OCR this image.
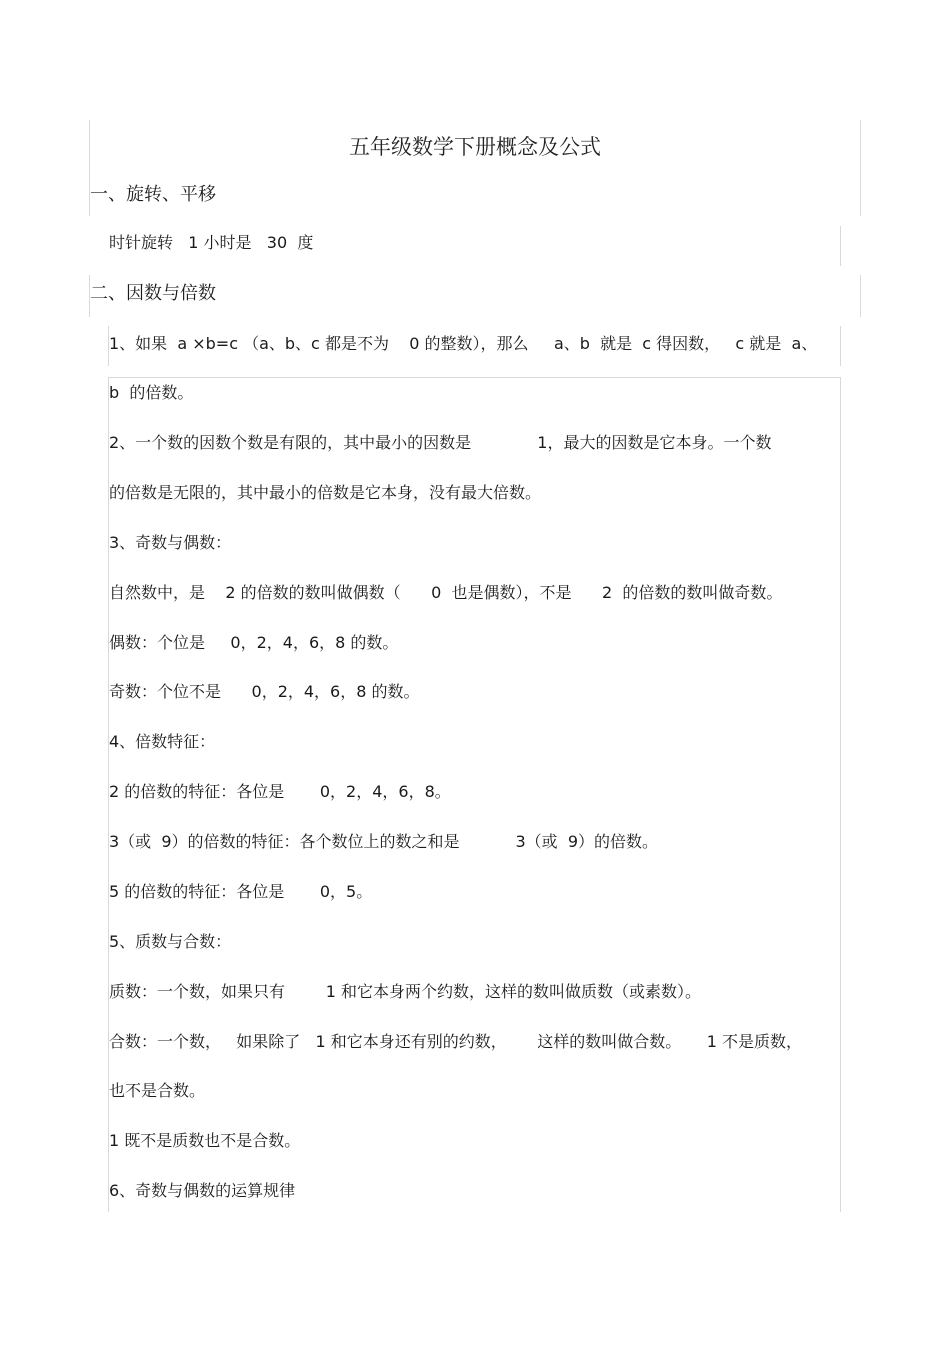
五年级数学下册概念及公式
一、旋转、平移
时针旋转   1 小时是   30  度
二、因数与倍数
1、如果  a ×b=c （a、b、c 都是不为    0 的整数），那么     a、b  就是  c 得因数，   c 就是  a、
b  的倍数。
2、一个数的因数个数是有限的，其中最小的因数是             1，最大的因数是它本身。一个数
的倍数是无限的，其中最小的倍数是它本身，没有最大倍数。
3、奇数与偶数：
自然数中，是    2 的倍数的数叫做偶数（      0  也是偶数），不是      2  的倍数的数叫做奇数。
偶数：个位是     0，2，4，6，8 的数。
奇数：个位不是      0，2，4，6，8 的数。
4、倍数特征：
2 的倍数的特征：各位是       0，2，4，6，8。
3（或  9）的倍数的特征：各个数位上的数之和是           3（或  9）的倍数。
5 的倍数的特征：各位是       0，5。
5、质数与合数：
质数：一个数，如果只有        1 和它本身两个约数，这样的数叫做质数（或素数）。
合数：一个数，   如果除了   1 和它本身还有别的约数，      这样的数叫做合数。     1 不是质数，
也不是合数。
1 既不是质数也不是合数。
6、奇数与偶数的运算规律
